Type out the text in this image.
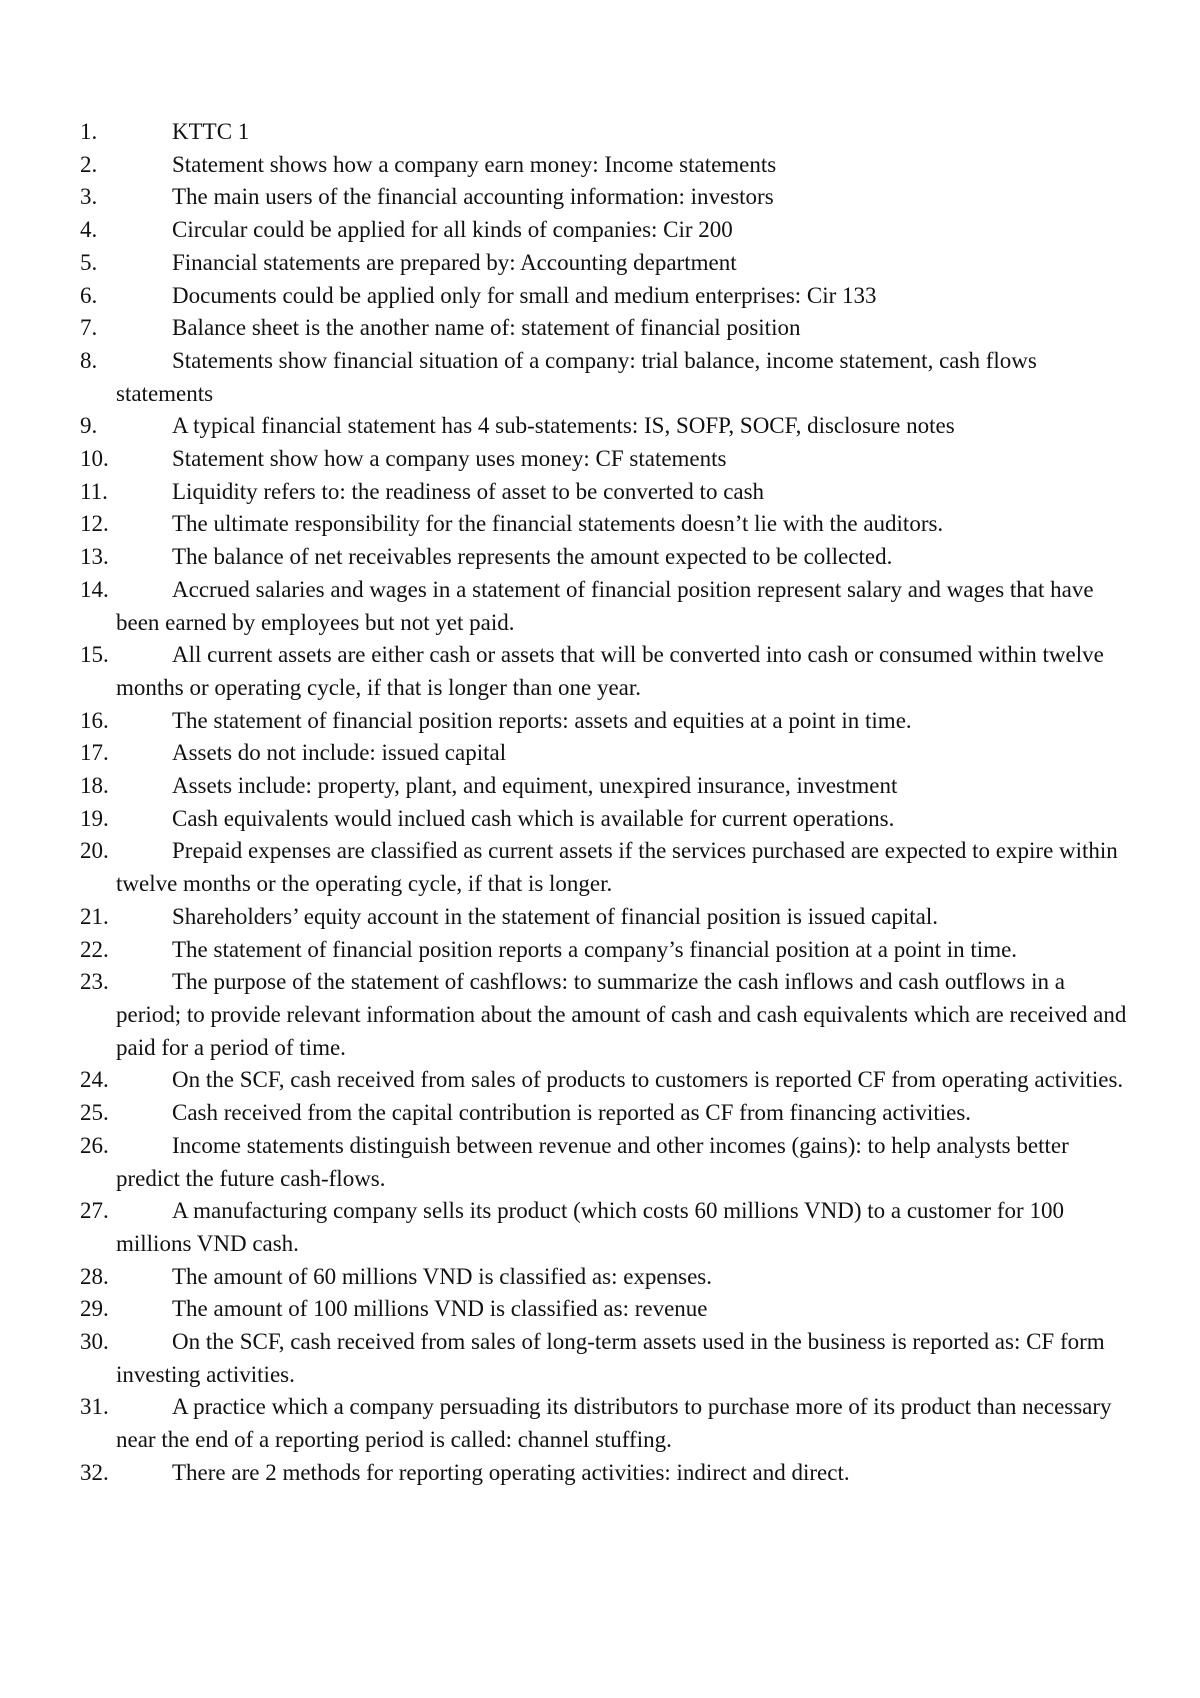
1.	KTTC 1
2.	Statement shows how a company earn money: Income statements
3.	The main users of the financial accounting information: investors
4.	Circular could be applied for all kinds of companies: Cir 200
5.	Financial statements are prepared by: Accounting department
6.	Documents could be applied only for small and medium enterprises: Cir 133
7.	Balance sheet is the another name of: statement of financial position
8.	Statements show financial situation of a company: trial balance, income statement, cash flows statements
9.	A typical financial statement has 4 sub-statements: IS, SOFP, SOCF, disclosure notes
10.	Statement show how a company uses money: CF statements
11.	Liquidity refers to: the readiness of asset to be converted to cash
12.	The ultimate responsibility for the financial statements doesn’t lie with the auditors.
13.	The balance of net receivables represents the amount expected to be collected.
14.	Accrued salaries and wages in a statement of financial position represent salary and wages that have been earned by employees but not yet paid.
15.	All current assets are either cash or assets that will be converted into cash or consumed within twelve months or operating cycle, if that is longer than one year.
16.	The statement of financial position reports: assets and equities at a point in time.
17.	Assets do not include: issued capital
18.	Assets include: property, plant, and equiment, unexpired insurance, investment
19.	Cash equivalents would inclued cash which is available for current operations.
20.	Prepaid expenses are classified as current assets if the services purchased are expected to expire within twelve months or the operating cycle, if that is longer.
21.	Shareholders’ equity account in the statement of financial position is issued capital.
22.	The statement of financial position reports a company’s financial position at a point in time.
23.	The purpose of the statement of cashflows: to summarize the cash inflows and cash outflows in a period; to provide relevant information about the amount of cash and cash equivalents which are received and paid for a period of time.
24.	On the SCF, cash received from sales of products to customers is reported CF from operating activities.
25.	Cash received from the capital contribution is reported as CF from financing activities.
26.	Income statements distinguish between revenue and other incomes (gains): to help analysts better predict the future cash-flows.
27.	A manufacturing company sells its product (which costs 60 millions VND) to a customer for 100 millions VND cash.
28.	The amount of 60 millions VND is classified as: expenses.
29.	The amount of 100 millions VND is classified as: revenue
30.	On the SCF, cash received from sales of long-term assets used in the business is reported as: CF form investing activities.
31.	A practice which a company persuading its distributors to purchase more of its product than necessary near the end of a reporting period is called: channel stuffing.
32.	There are 2 methods for reporting operating activities: indirect and direct.
